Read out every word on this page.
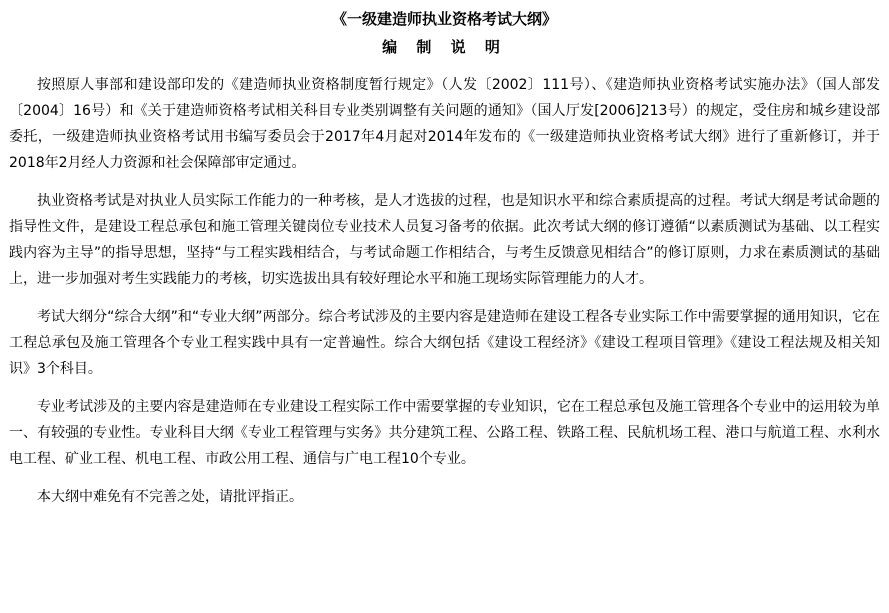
《一级建造师执业资格考试大纲》
编 制 说 明

按照原人事部和建设部印发的《建造师执业资格制度暂行规定》（人发〔2002〕111号）、《建造师执业资格考试实施办法》（国人部发〔2004〕16号）和《关于建造师资格考试相关科目专业类别调整有关问题的通知》（国人厅发[2006]213号）的规定，受住房和城乡建设部委托，一级建造师执业资格考试用书编写委员会于2017年4月起对2014年发布的《一级建造师执业资格考试大纲》进行了重新修订，并于2018年2月经人力资源和社会保障部审定通过。

执业资格考试是对执业人员实际工作能力的一种考核，是人才选拔的过程，也是知识水平和综合素质提高的过程。考试大纲是考试命题的指导性文件，是建设工程总承包和施工管理关键岗位专业技术人员复习备考的依据。此次考试大纲的修订遵循“以素质测试为基础、以工程实践内容为主导”的指导思想，坚持“与工程实践相结合，与考试命题工作相结合，与考生反馈意见相结合”的修订原则，力求在素质测试的基础上，进一步加强对考生实践能力的考核，切实选拔出具有较好理论水平和施工现场实际管理能力的人才。

考试大纲分“综合大纲”和“专业大纲”两部分。综合考试涉及的主要内容是建造师在建设工程各专业实际工作中需要掌握的通用知识，它在工程总承包及施工管理各个专业工程实践中具有一定普遍性。综合大纲包括《建设工程经济》《建设工程项目管理》《建设工程法规及相关知识》3个科目。

专业考试涉及的主要内容是建造师在专业建设工程实际工作中需要掌握的专业知识，它在工程总承包及施工管理各个专业中的运用较为单一、有较强的专业性。专业科目大纲《专业工程管理与实务》共分建筑工程、公路工程、铁路工程、民航机场工程、港口与航道工程、水利水电工程、矿业工程、机电工程、市政公用工程、通信与广电工程10个专业。

本大纲中难免有不完善之处，请批评指正。
